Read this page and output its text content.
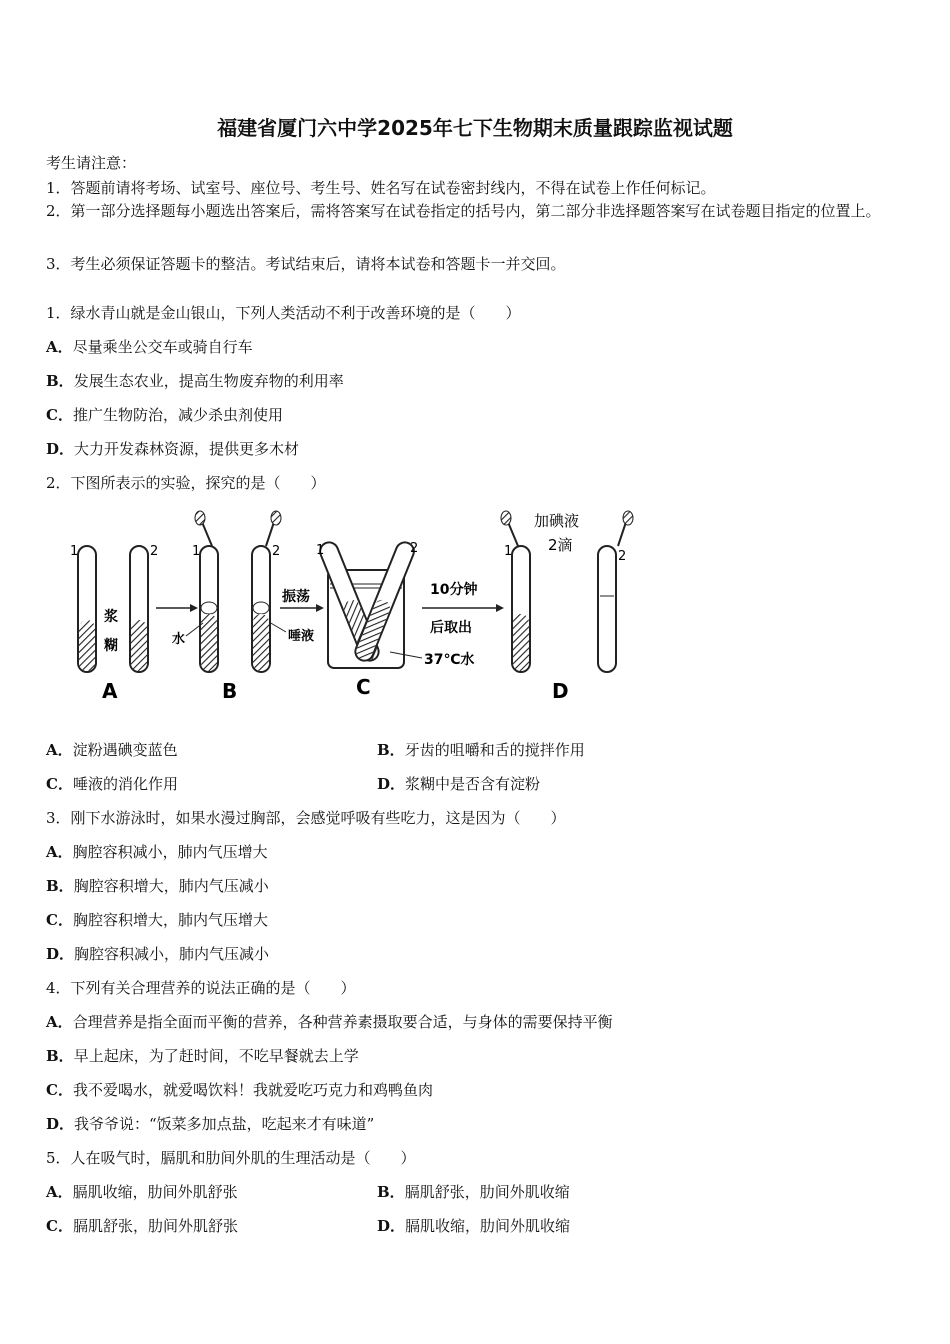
福建省厦门六中学2025年七下生物期末质量跟踪监视试题
考生请注意：
1．答题前请将考场、试室号、座位号、考生号、姓名写在试卷密封线内，不得在试卷上作任何标记。
2．第一部分选择题每小题选出答案后，需将答案写在试卷指定的括号内，第二部分非选择题答案写在试卷题目指定的位置上。
3．考生必须保证答题卡的整洁。考试结束后，请将本试卷和答题卡一并交回。
1．绿水青山就是金山银山，下列人类活动不利于改善环境的是（　　）
A．尽量乘坐公交车或骑自行车
B．发展生态农业，提高生物废弃物的利用率
C．推广生物防治，减少杀虫剂使用
D．大力开发森林资源，提供更多木材
2．下图所表示的实验，探究的是（　　）
1	2
浆
糊
A
1	2
水	唾液
B
振荡
1	2
C
10分钟
后取出
37℃水
1	2
加碘液
2滴
D
A．淀粉遇碘变蓝色	B．牙齿的咀嚼和舌的搅拌作用
C．唾液的消化作用	D．浆糊中是否含有淀粉
3．刚下水游泳时，如果水漫过胸部，会感觉呼吸有些吃力，这是因为（　　）
A．胸腔容积减小，肺内气压增大
B．胸腔容积增大，肺内气压减小
C．胸腔容积增大，肺内气压增大
D．胸腔容积减小，肺内气压减小
4．下列有关合理营养的说法正确的是（　　）
A．合理营养是指全面而平衡的营养，各种营养素摄取要合适，与身体的需要保持平衡
B．早上起床，为了赶时间，不吃早餐就去上学
C．我不爱喝水，就爱喝饮料！我就爱吃巧克力和鸡鸭鱼肉
D．我爷爷说：“饭菜多加点盐，吃起来才有味道”
5．人在吸气时，膈肌和肋间外肌的生理活动是（　　）
A．膈肌收缩，肋间外肌舒张	B．膈肌舒张，肋间外肌收缩
C．膈肌舒张，肋间外肌舒张	D．膈肌收缩，肋间外肌收缩
